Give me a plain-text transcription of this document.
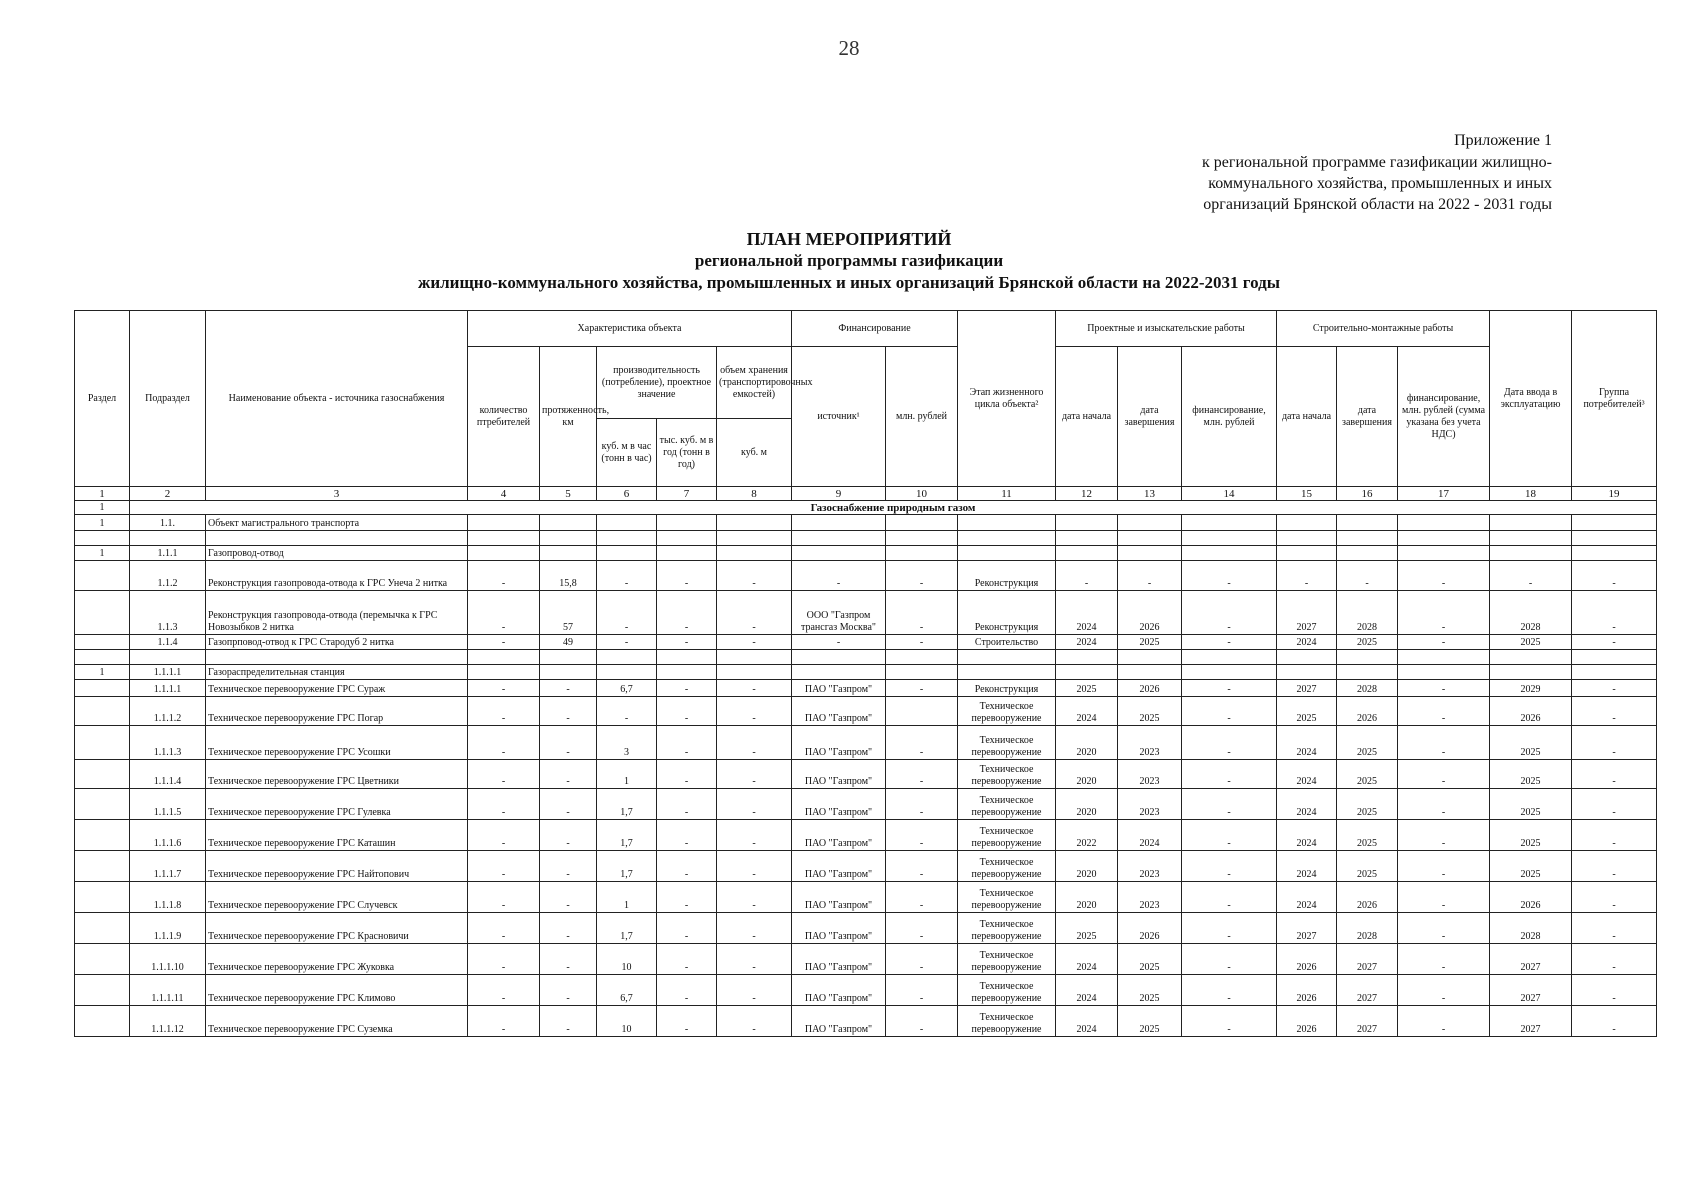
28
Приложение 1
к региональной программе газификации жилищно-
коммунального хозяйства, промышленных и иных
организаций Брянской области на 2022 - 2031 годы
ПЛАН МЕРОПРИЯТИЙ
региональной программы газификации
жилищно-коммунального хозяйства, промышленных и иных организаций Брянской области на 2022-2031 годы
Раздел	Подраздел	Наименование объекта - источника газоснабжения	Характеристика объекта					Финансирование		Этап жизненного цикла объекта²	Проектные и изыскательские работы			Строительно-монтажные работы			Дата ввода в эксплуатацию	Группа потребителей³
			количество птребителей	протяженность, км	производительность (потребление), проектное значение		объем хранения (транспортировочных емкостей)	источник¹	млн. рублей		дата начала	дата завершения	финансирование, млн. рублей	дата начала	дата завершения	финансирование, млн. рублей (сумма указана без учета НДС)		
					куб. м в час (тонн в час)	тыс. куб. м в год (тонн в год)	куб. м											
1	2	3	4	5	6	7	8	9	10	11	12	13	14	15	16	17	18	19
1	Газоснабжение природным газом																	
1	1.1.	Объект магистрального транспорта																

1	1.1.1	Газопровод-отвод																
	1.1.2	Реконструкция газопровода-отвода к ГРС Унеча 2 нитка	-	15,8	-	-	-	-	-	Реконструкция	-	-	-	-	-	-	-	-
	1.1.3	Реконструкция газопровода-отвода (перемычка к ГРС Новозыбков 2 нитка	-	57	-	-	-	ООО "Газпром трансгаз Москва"	-	Реконструкция	2024	2026	-	2027	2028	-	2028	-
	1.1.4	Газопрповод-отвод к ГРС Стародуб 2 нитка	-	49	-	-	-	-	-	Строительство	2024	2025	-	2024	2025	-	2025	-

1	1.1.1.1	Газораспределительная станция																
	1.1.1.1	Техническое перевооружение ГРС Сураж	-	-	6,7	-	-	ПАО "Газпром"	-	Реконструкция	2025	2026	-	2027	2028	-	2029	-
	1.1.1.2	Техническое перевооружение ГРС Погар	-	-	-	-	-	ПАО "Газпром"		Техническое перевооружение	2024	2025	-	2025	2026	-	2026	-
	1.1.1.3	Техническое перевооружение ГРС Усошки	-	-	3	-	-	ПАО "Газпром"	-	Техническое перевооружение	2020	2023	-	2024	2025	-	2025	-
	1.1.1.4	Техническое перевооружение ГРС Цветники	-	-	1	-	-	ПАО "Газпром"	-	Техническое перевооружение	2020	2023	-	2024	2025	-	2025	-
	1.1.1.5	Техническое перевооружение ГРС Гулевка	-	-	1,7	-	-	ПАО "Газпром"	-	Техническое перевооружение	2020	2023	-	2024	2025	-	2025	-
	1.1.1.6	Техническое перевооружение ГРС Каташин	-	-	1,7	-	-	ПАО "Газпром"	-	Техническое перевооружение	2022	2024	-	2024	2025	-	2025	-
	1.1.1.7	Техническое перевооружение ГРС Найтопович	-	-	1,7	-	-	ПАО "Газпром"	-	Техническое перевооружение	2020	2023	-	2024	2025	-	2025	-
	1.1.1.8	Техническое перевооружение ГРС Случевск	-	-	1	-	-	ПАО "Газпром"	-	Техническое перевооружение	2020	2023	-	2024	2026	-	2026	-
	1.1.1.9	Техническое перевооружение ГРС Красновичи	-	-	1,7	-	-	ПАО "Газпром"	-	Техническое перевооружение	2025	2026	-	2027	2028	-	2028	-
	1.1.1.10	Техническое перевооружение ГРС Жуковка	-	-	10	-	-	ПАО "Газпром"	-	Техническое перевооружение	2024	2025	-	2026	2027	-	2027	-
	1.1.1.11	Техническое перевооружение ГРС Климово	-	-	6,7	-	-	ПАО "Газпром"	-	Техническое перевооружение	2024	2025	-	2026	2027	-	2027	-
	1.1.1.12	Техническое перевооружение ГРС Суземка	-	-	10	-	-	ПАО "Газпром"	-	Техническое перевооружение	2024	2025	-	2026	2027	-	2027	-
